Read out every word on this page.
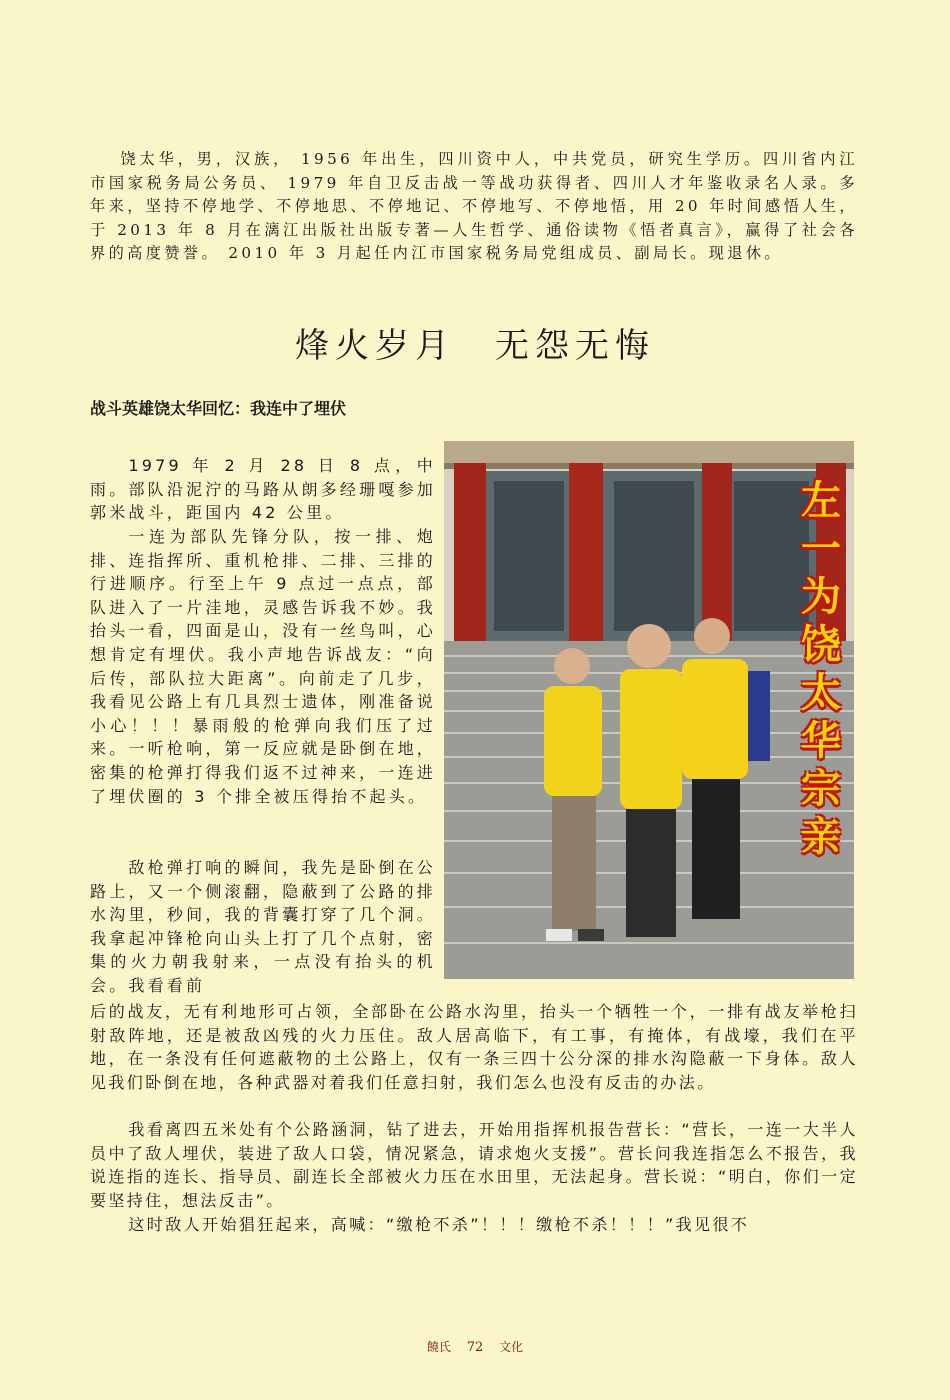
饶太华，男，汉族， 1956 年出生，四川资中人，中共党员，研究生学历。四川省内江市国家税务局公务员、 1979 年自卫反击战一等战功获得者、四川人才年鉴收录名人录。多年来，坚持不停地学、不停地思、不停地记、不停地写、不停地悟，用 20 年时间感悟人生，于 2013 年 8 月在漓江出版社出版专著—人生哲学、通俗读物《悟者真言》，赢得了社会各界的高度赞誉。 2010 年 3 月起任内江市国家税务局党组成员、副局长。现退休。

烽火岁月　无怨无悔
战斗英雄饶太华回忆：我连中了埋伏

1979 年 2 月 28 日 8 点，中雨。部队沿泥泞的马路从朗多经珊嘎参加郭米战斗，距国内 42 公里。

一连为部队先锋分队，按一排、炮排、连指挥所、重机枪排、二排、三排的行进顺序。行至上午 9 点过一点点，部队进入了一片洼地，灵感告诉我不妙。我抬头一看，四面是山，没有一丝鸟叫，心想肯定有埋伏。我小声地告诉战友：“向后传，部队拉大距离”。向前走了几步，我看见公路上有几具烈士遗体，刚准备说小心！！！暴雨般的枪弹向我们压了过来。一听枪响，第一反应就是卧倒在地，密集的枪弹打得我们返不过神来，一连进了埋伏圈的 3 个排全被压得抬不起头。

敌枪弹打响的瞬间，我先是卧倒在公路上，又一个侧滚翻，隐蔽到了公路的排水沟里，秒间，我的背囊打穿了几个洞。我拿起冲锋枪向山头上打了几个点射，密集的火力朝我射来，一点没有抬头的机会。我看看前

后的战友，无有利地形可占领，全部卧在公路水沟里，抬头一个牺牲一个，一排有战友举枪扫射敌阵地，还是被敌凶残的火力压住。敌人居高临下，有工事，有掩体，有战壕，我们在平地，在一条没有任何遮蔽物的土公路上，仅有一条三四十公分深的排水沟隐蔽一下身体。敌人见我们卧倒在地，各种武器对着我们任意扫射，我们怎么也没有反击的办法。

我看离四五米处有个公路涵洞，钻了进去，开始用指挥机报告营长：“营长，一连一大半人员中了敌人埋伏，装进了敌人口袋，情况紧急，请求炮火支援”。营长问我连指怎么不报告，我说连指的连长、指导员、副连长全部被火力压在水田里，无法起身。营长说：“明白，你们一定要坚持住，想法反击”。

这时敌人开始猖狂起来，高喊：“缴枪不杀”！！！缴枪不杀！！！”我见很不

左一为饶太华宗亲
饒氏 72 文化
